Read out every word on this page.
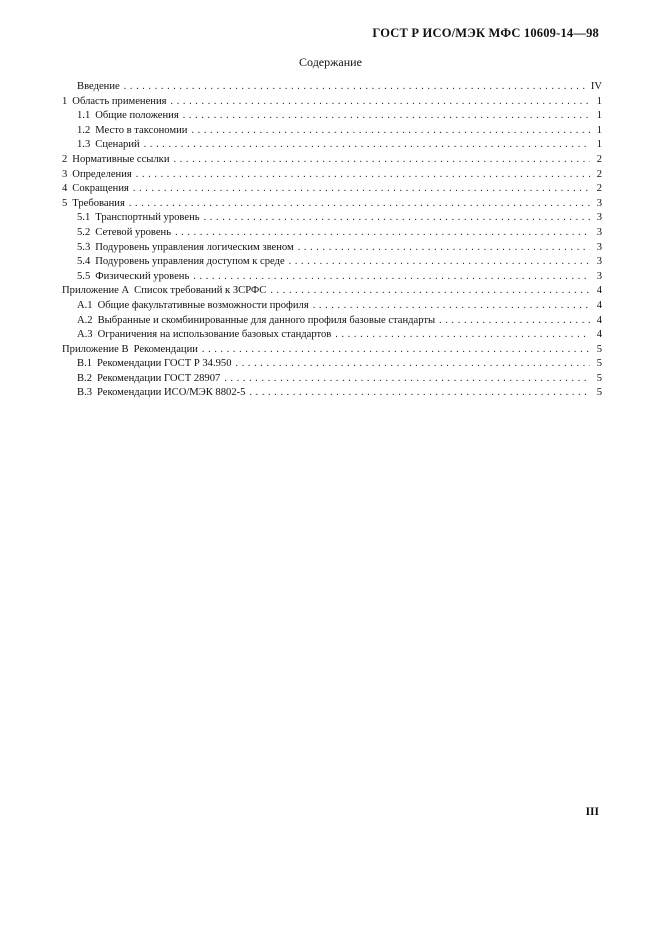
ГОСТ Р ИСО/МЭК МФС 10609-14—98
Содержание
Введение . . .	IV
1 Область применения . . .	1
1.1 Общие положения . . .	1
1.2 Место в таксономии . . .	1
1.3 Сценарий . . .	1
2 Нормативные ссылки . . .	2
3 Определения . . .	2
4 Сокращения . . .	2
5 Требования . . .	3
5.1 Транспортный уровень . . .	3
5.2 Сетевой уровень . . .	3
5.3 Подуровень управления логическим звеном . . .	3
5.4 Подуровень управления доступом к среде . . .	3
5.5 Физический уровень . . .	3
Приложение А Список требований к ЗСРФС . . .	4
А.1 Общие факультативные возможности профиля . . .	4
А.2 Выбранные и скомбинированные для данного профиля базовые стандарты . . .	4
А.3 Ограничения на использование базовых стандартов . . .	4
Приложение В Рекомендации . . .	5
В.1 Рекомендации ГОСТ Р 34.950 . . .	5
В.2 Рекомендации ГОСТ 28907 . . .	5
В.3 Рекомендации ИСО/МЭК 8802-5 . . .	5
III
